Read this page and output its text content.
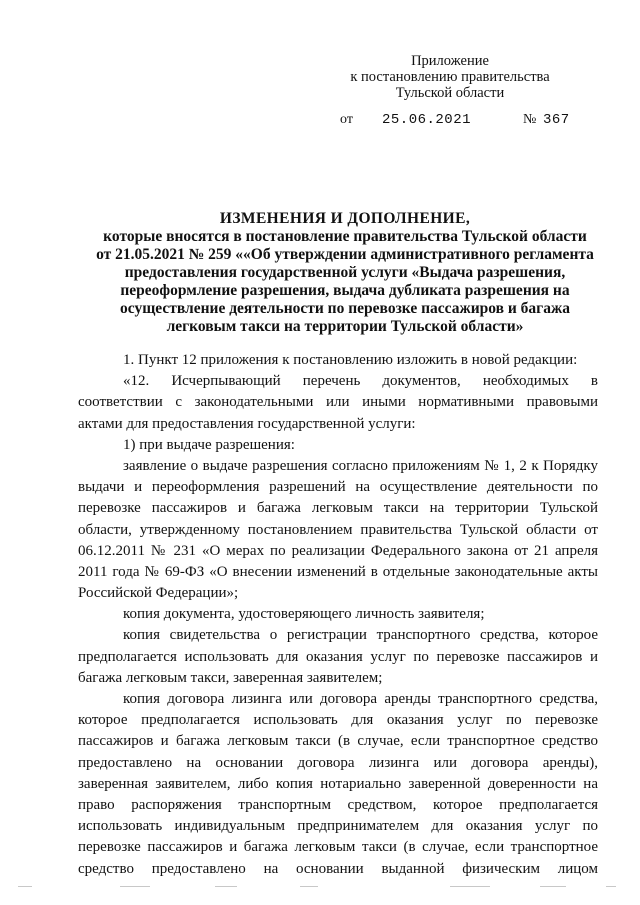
Приложение
к постановлению правительства
Тульской области
от 25.06.2021	№ 367
ИЗМЕНЕНИЯ И ДОПОЛНЕНИЕ,
которые вносятся в постановление правительства Тульской области
от 21.05.2021 № 259 ««Об утверждении административного регламента
предоставления государственной услуги «Выдача разрешения,
переоформление разрешения, выдача дубликата разрешения на
осуществление деятельности по перевозке пассажиров и багажа
легковым такси на территории Тульской области»
1. Пункт 12 приложения к постановлению изложить в новой редакции:
«12. Исчерпывающий перечень документов, необходимых в
соответствии с законодательными или иными нормативными правовыми
актами для предоставления государственной услуги:
1) при выдаче разрешения:
заявление о выдаче разрешения согласно приложениям № 1, 2 к Порядку
выдачи и переоформления разрешений на осуществление деятельности по
перевозке пассажиров и багажа легковым такси на территории Тульской
области, утвержденному постановлением правительства Тульской области от
06.12.2011 № 231 «О мерах по реализации Федерального закона от 21 апреля
2011 года № 69-ФЗ «О внесении изменений в отдельные законодательные акты
Российской Федерации»;
копия документа, удостоверяющего личность заявителя;
копия свидетельства о регистрации транспортного средства, которое
предполагается использовать для оказания услуг по перевозке пассажиров и
багажа легковым такси, заверенная заявителем;
копия договора лизинга или договора аренды транспортного средства,
которое предполагается использовать для оказания услуг по перевозке
пассажиров и багажа легковым такси (в случае, если транспортное средство
предоставлено на основании договора лизинга или договора аренды),
заверенная заявителем, либо копия нотариально заверенной доверенности на
право распоряжения транспортным средством, которое предполагается
использовать индивидуальным предпринимателем для оказания услуг по
перевозке пассажиров и багажа легковым такси (в случае, если транспортное
средство предоставлено на основании выданной физическим лицом
